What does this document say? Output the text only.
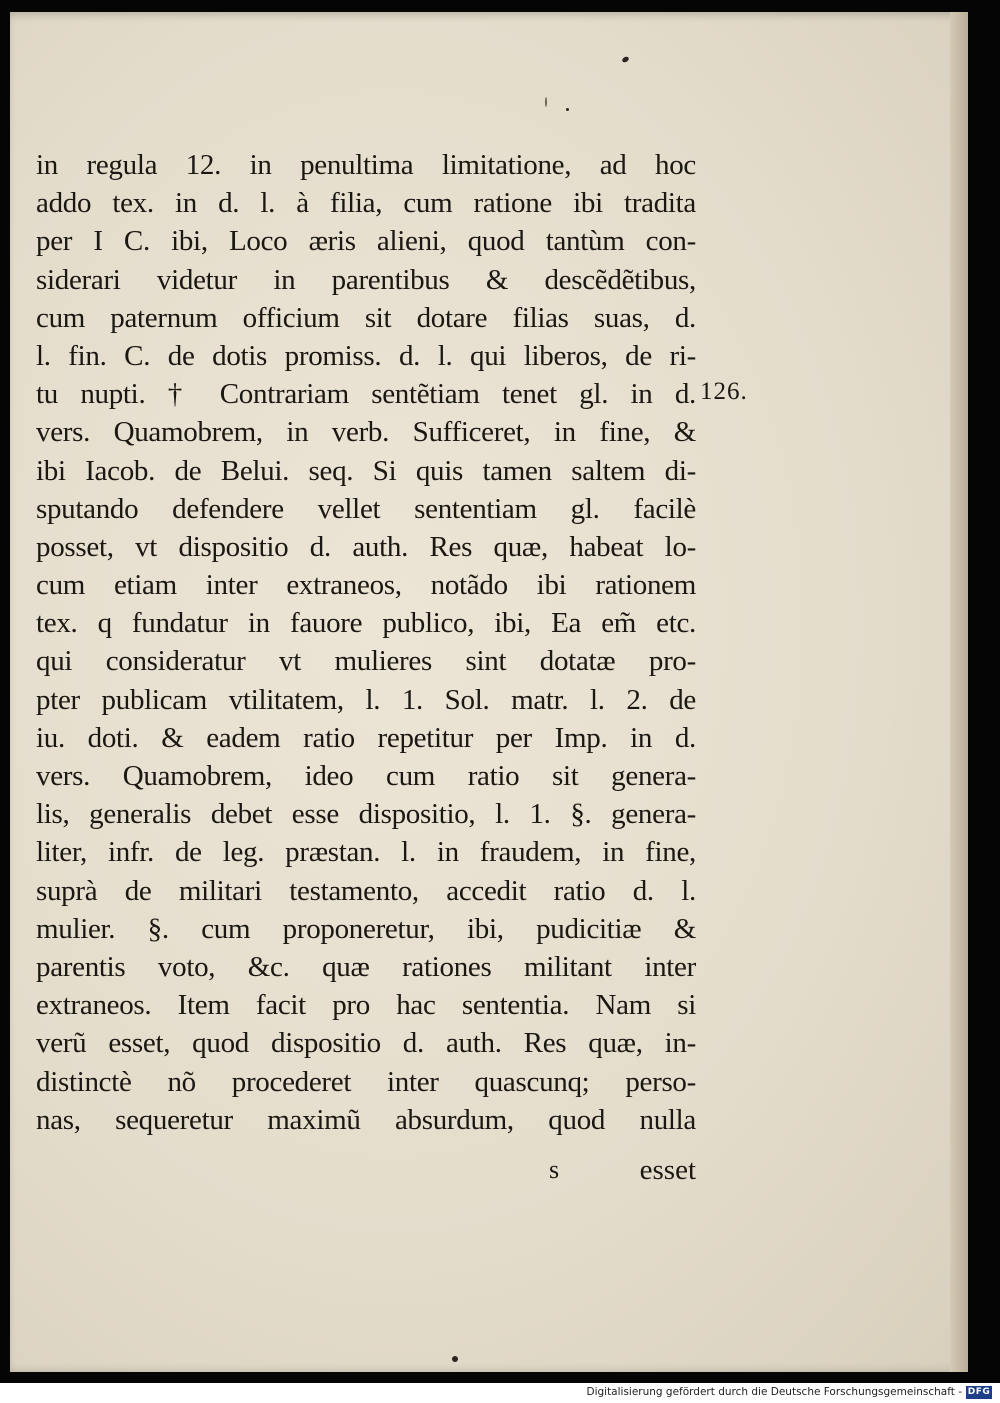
in regula 12. in penultima limitatione, ad hoc
addo tex. in d. l. à filia, cum ratione ibi tradita
per I C. ibi, Loco æris alieni, quod tantùm con-
siderari videtur in parentibus & descẽdẽtibus,
cum paternum officium sit dotare filias suas, d.
l. fin. C. de dotis promiss. d. l. qui liberos, de ri-
tu nupti. † Contrariam sentẽtiam tenet gl. in d.
vers. Quamobrem, in verb. Sufficeret, in fine, &
ibi Iacob. de Belui. seq. Si quis tamen saltem di-
sputando defendere vellet sententiam gl. facilè
posset, vt dispositio d. auth. Res quæ, habeat lo-
cum etiam inter extraneos, notãdo ibi rationem
tex. q fundatur in fauore publico, ibi, Ea em̃ etc.
qui consideratur vt mulieres sint dotatæ pro-
pter publicam vtilitatem, l. 1. Sol. matr. l. 2. de
iu. doti. & eadem ratio repetitur per Imp. in d.
vers. Quamobrem, ideo cum ratio sit genera-
lis, generalis debet esse dispositio, l. 1. §. genera-
liter, infr. de leg. præstan. l. in fraudem, in fine,
suprà de militari testamento, accedit ratio d. l.
mulier. §. cum proponeretur, ibi, pudicitiæ &
parentis voto, &c. quæ rationes militant inter
extraneos. Item facit pro hac sententia. Nam si
verũ esset, quod dispositio d. auth. Res quæ, in-
distinctè nõ procederet inter quascunq; perso-
nas, sequeretur maximũ absurdum, quod nulla
126.
s	esset
Digitalisierung gefördert durch die Deutsche Forschungsgemeinschaft - DFG
